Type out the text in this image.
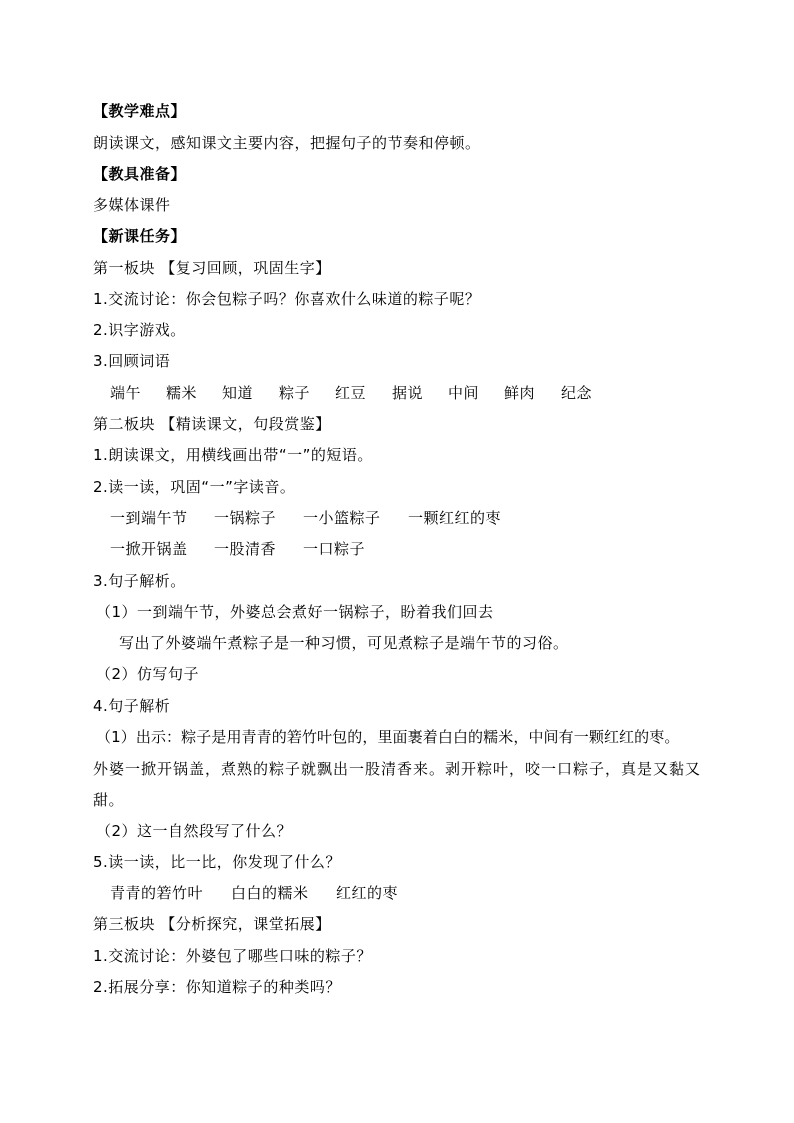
【教学难点】
朗读课文，感知课文主要内容，把握句子的节奏和停顿。
【教具准备】
多媒体课件
【新课任务】
第一板块 【复习回顾，巩固生字】
1.交流讨论：你会包粽子吗？你喜欢什么味道的粽子呢？
2.识字游戏。
3.回顾词语
端午 糯米 知道 粽子 红豆 据说 中间 鲜肉 纪念
第二板块 【精读课文，句段赏鉴】
1.朗读课文，用横线画出带“一”的短语。
2.读一读，巩固“一”字读音。
一到端午节 一锅粽子 一小篮粽子 一颗红红的枣
一掀开锅盖 一股清香 一口粽子
3.句子解析。
（1）一到端午节，外婆总会煮好一锅粽子，盼着我们回去
写出了外婆端午煮粽子是一种习惯，可见煮粽子是端午节的习俗。
（2）仿写句子
4.句子解析
（1）出示：粽子是用青青的箬竹叶包的，里面裹着白白的糯米，中间有一颗红红的枣。
外婆一掀开锅盖，煮熟的粽子就飘出一股清香来。剥开粽叶，咬一口粽子，真是又黏又
甜。
（2）这一自然段写了什么？
5.读一读，比一比，你发现了什么？
青青的箬竹叶 白白的糯米 红红的枣
第三板块 【分析探究，课堂拓展】
1.交流讨论：外婆包了哪些口味的粽子？
2.拓展分享：你知道粽子的种类吗？
